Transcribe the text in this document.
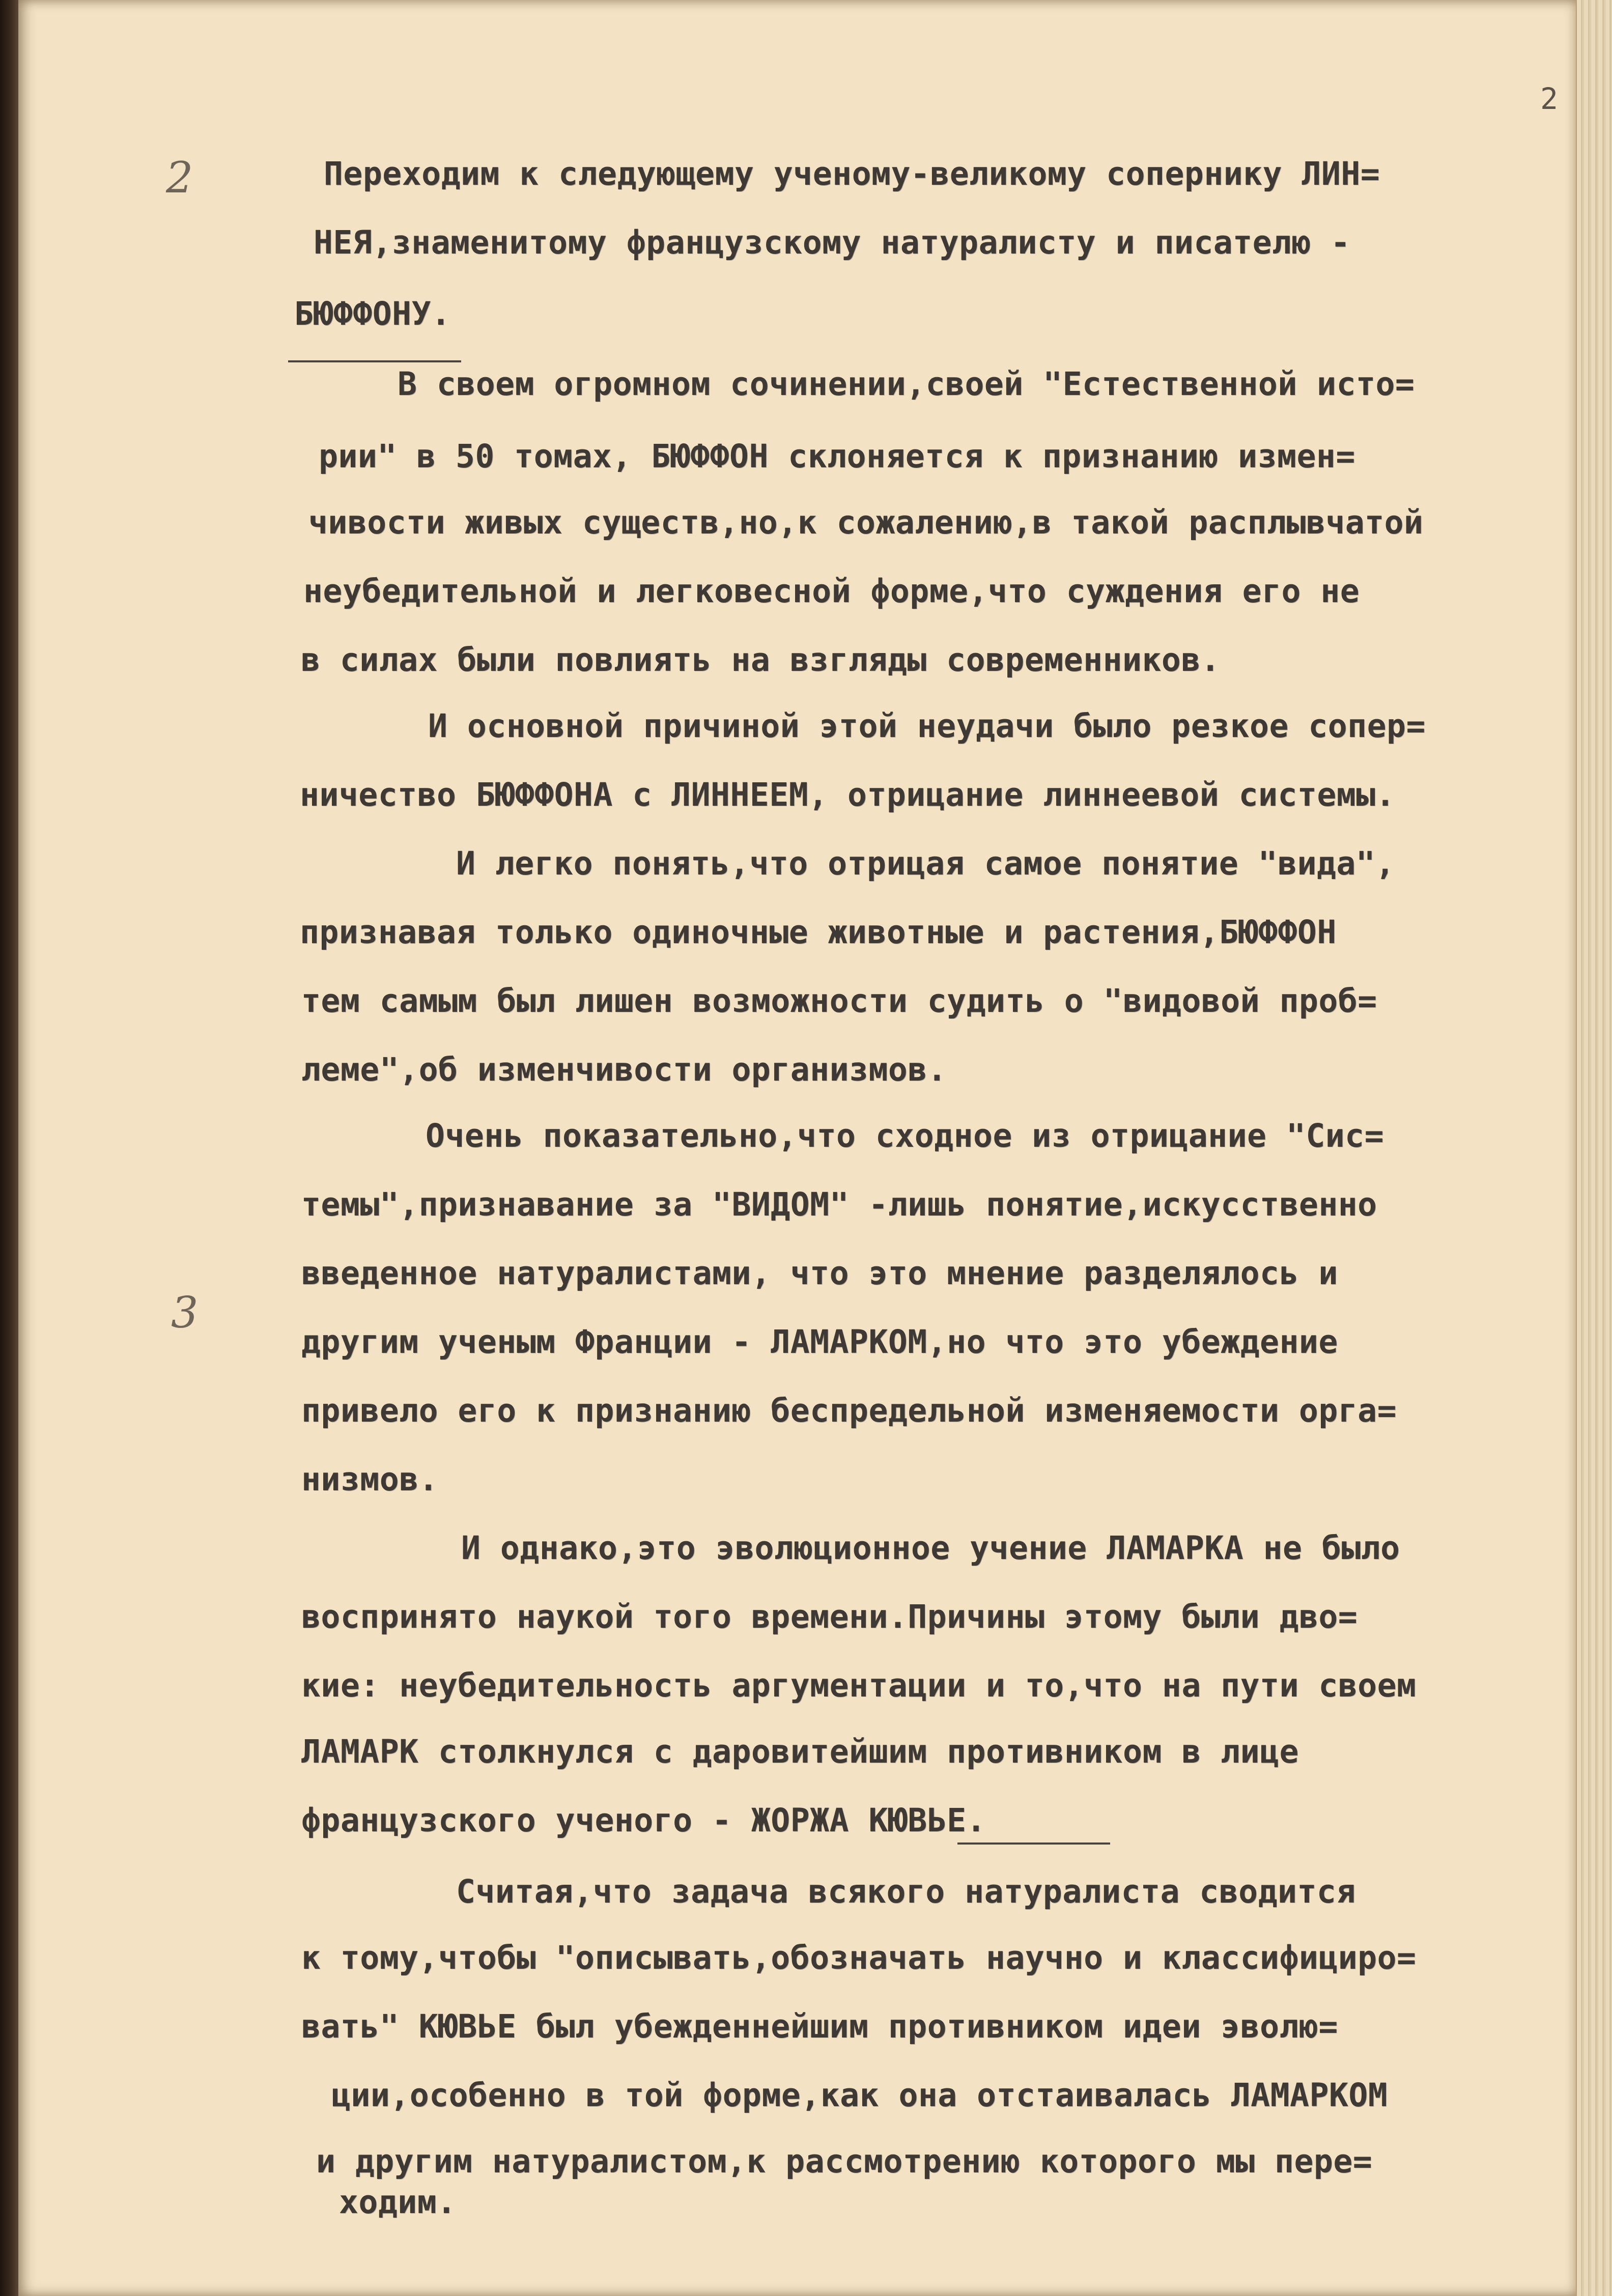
2
2
3
Переходим к следующему ученому-великому сопернику ЛИН=
НЕЯ,знаменитому французскому натуралисту и писателю -
БЮФФОНУ.
В своем огромном сочинении,своей "Естественной исто=
рии" в 50 томах, БЮФФОН склоняется к признанию измен=
чивости живых существ,но,к сожалению,в такой расплывчатой
неубедительной и легковесной форме,что суждения его не
в силах были повлиять на взгляды современников.
И основной причиной этой неудачи было резкое сопер=
ничество БЮФФОНА с ЛИННЕЕМ, отрицание линнеевой системы.
И легко понять,что отрицая самое понятие "вида",
признавая только одиночные животные и растения,БЮФФОН
тем самым был лишен возможности судить о "видовой проб=
леме",об изменчивости организмов.
Очень показательно,что сходное из отрицание "Сис=
темы",признавание за "ВИДОМ" -лишь понятие,искусственно
введенное натуралистами, что это мнение разделялось и
другим ученым Франции - ЛАМАРКОМ,но что это убеждение
привело его к признанию беспредельной изменяемости орга=
низмов.
И однако,это эволюционное учение ЛАМАРКА не было
воспринято наукой того времени.Причины этому были дво=
кие: неубедительность аргументации и то,что на пути своем
ЛАМАРК столкнулся с даровитейшим противником в лице
французского ученого - ЖОРЖА КЮВЬЕ.
Считая,что задача всякого натуралиста сводится
к тому,чтобы "описывать,обозначать научно и классифициро=
вать" КЮВЬЕ был убежденнейшим противником идеи эволю=
ции,особенно в той форме,как она отстаивалась ЛАМАРКОМ
и другим натуралистом,к рассмотрению которого мы пере=
ходим.
